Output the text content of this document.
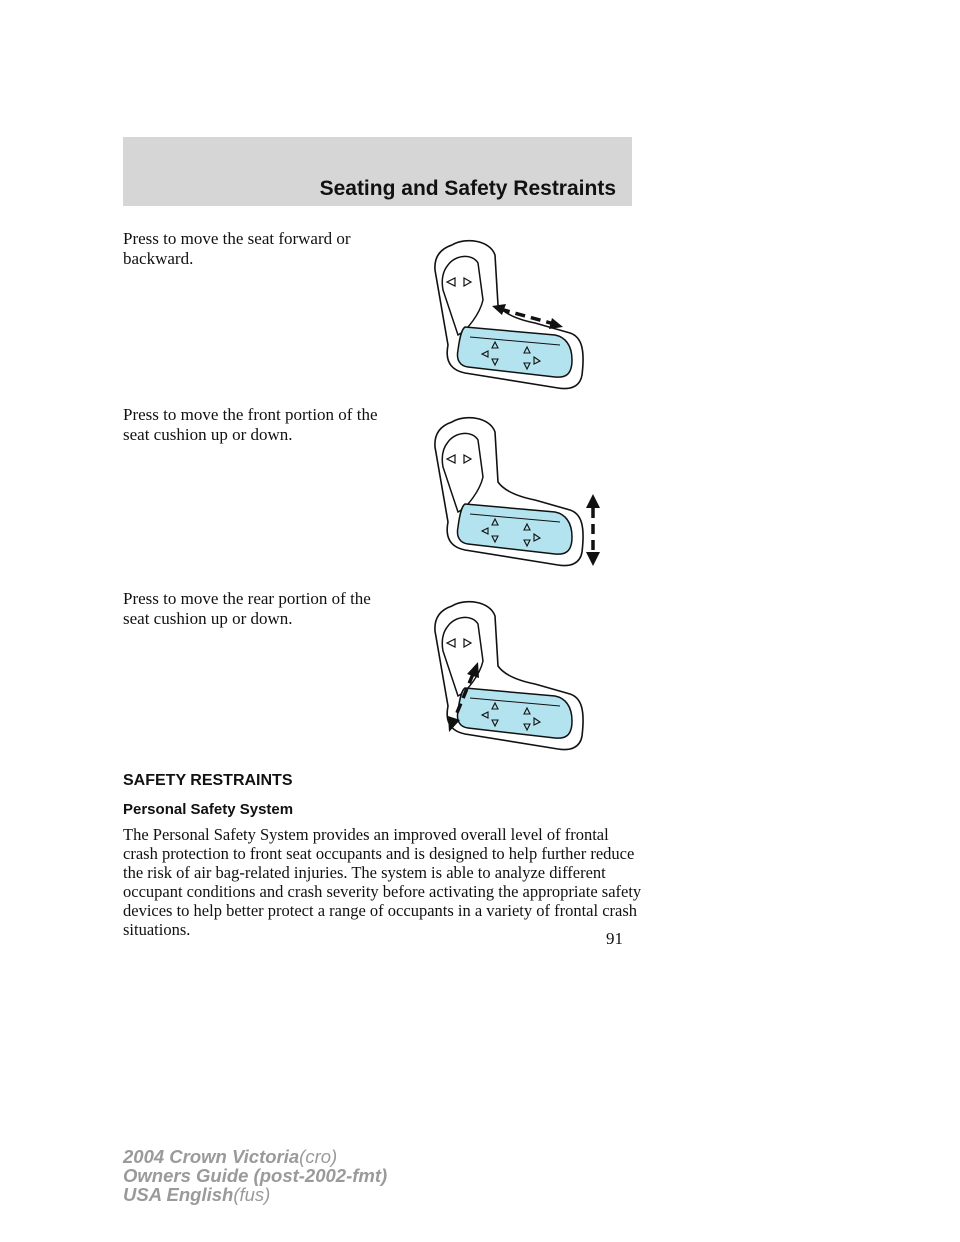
Seating and Safety Restraints
Press to move the seat forward or backward.
Press to move the front portion of the seat cushion up or down.
Press to move the rear portion of the seat cushion up or down.
SAFETY RESTRAINTS
Personal Safety System
The Personal Safety System provides an improved overall level of frontal crash protection to front seat occupants and is designed to help further reduce the risk of air bag-related injuries. The system is able to analyze different occupant conditions and crash severity before activating the appropriate safety devices to help better protect a range of occupants in a variety of frontal crash situations.	91
2004 Crown Victoria(cro)
Owners Guide (post-2002-fmt)
USA English(fus)
